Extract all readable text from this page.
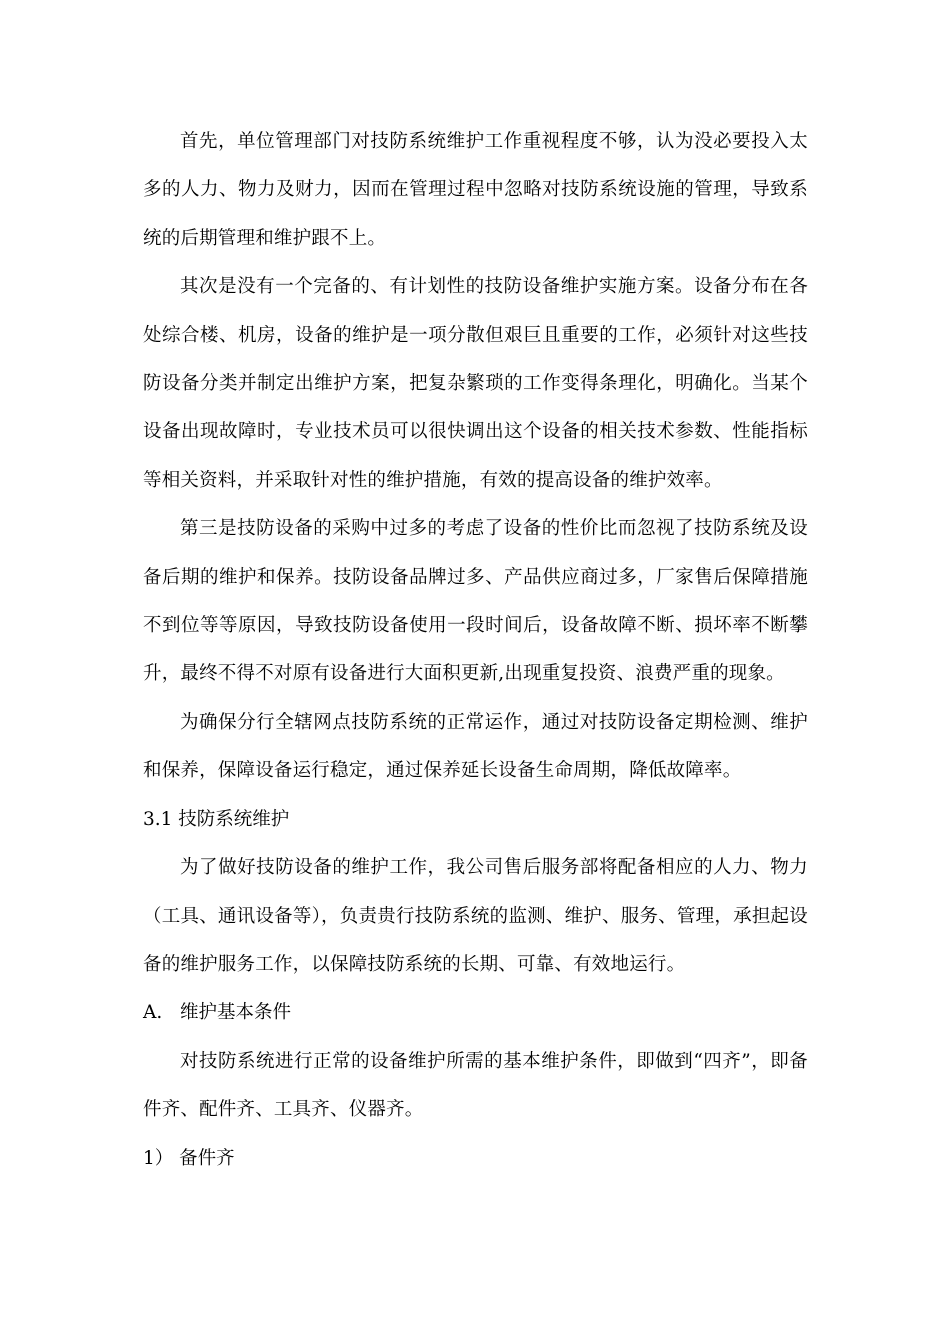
首先，单位管理部门对技防系统维护工作重视程度不够，认为没必要投入太多的人力、物力及财力，因而在管理过程中忽略对技防系统设施的管理，导致系统的后期管理和维护跟不上。

其次是没有一个完备的、有计划性的技防设备维护实施方案。设备分布在各处综合楼、机房，设备的维护是一项分散但艰巨且重要的工作，必须针对这些技防设备分类并制定出维护方案，把复杂繁琐的工作变得条理化，明确化。当某个设备出现故障时，专业技术员可以很快调出这个设备的相关技术参数、性能指标等相关资料，并采取针对性的维护措施，有效的提高设备的维护效率。

第三是技防设备的采购中过多的考虑了设备的性价比而忽视了技防系统及设备后期的维护和保养。技防设备品牌过多、产品供应商过多，厂家售后保障措施不到位等等原因，导致技防设备使用一段时间后，设备故障不断、损坏率不断攀升，最终不得不对原有设备进行大面积更新,出现重复投资、浪费严重的现象。

为确保分行全辖网点技防系统的正常运作，通过对技防设备定期检测、维护和保养，保障设备运行稳定，通过保养延长设备生命周期，降低故障率。

3.1 技防系统维护

为了做好技防设备的维护工作，我公司售后服务部将配备相应的人力、物力（工具、通讯设备等），负责贵行技防系统的监测、维护、服务、管理，承担起设备的维护服务工作，以保障技防系统的长期、可靠、有效地运行。

A. 维护基本条件

对技防系统进行正常的设备维护所需的基本维护条件，即做到“四齐”，即备件齐、配件齐、工具齐、仪器齐。

1） 备件齐
